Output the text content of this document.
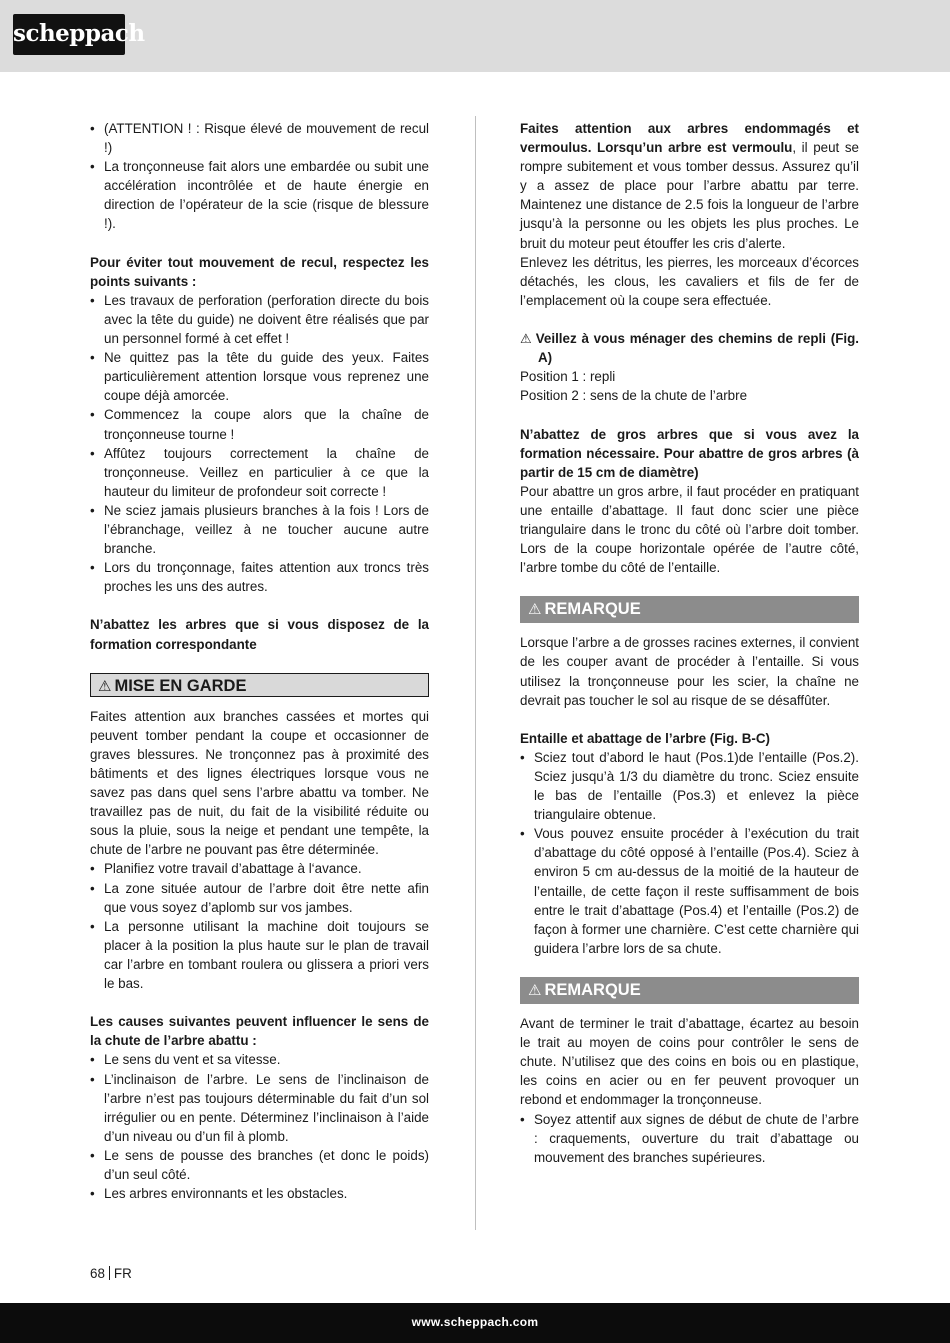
scheppach
• (ATTENTION ! : Risque élevé de mouvement de recul !)
• La tronçonneuse fait alors une embardée ou subit une accélération incontrôlée et de haute énergie en direction de l’opérateur de la scie (risque de blessure !).

Pour éviter tout mouvement de recul, respectez les points suivants :

• Les travaux de perforation (perforation directe du bois avec la tête du guide) ne doivent être réalisés que par un personnel formé à cet effet !
• Ne quittez pas la tête du guide des yeux. Faites particulièrement attention lorsque vous reprenez une coupe déjà amorcée.
• Commencez la coupe alors que la chaîne de tronçonneuse tourne !
• Affûtez toujours correctement la chaîne de tronçonneuse. Veillez en particulier à ce que la hauteur du limiteur de profondeur soit correcte !
• Ne sciez jamais plusieurs branches à la fois ! Lors de l’ébranchage, veillez à ne toucher aucune autre branche.
• Lors du tronçonnage, faites attention aux troncs très proches les uns des autres.

N’abattez les arbres que si vous disposez de la formation correspondante

⚠ MISE EN GARDE

Faites attention aux branches cassées et mortes qui peuvent tomber pendant la coupe et occasionner de graves blessures. Ne tronçonnez pas à proximité des bâtiments et des lignes électriques lorsque vous ne savez pas dans quel sens l’arbre abattu va tomber. Ne travaillez pas de nuit, du fait de la visibilité réduite ou sous la pluie, sous la neige et pendant une tempête, la chute de l’arbre ne pouvant pas être déterminée.

• Planifiez votre travail d’abattage à l‘avance.
• La zone située autour de l’arbre doit être nette afin que vous soyez d’aplomb sur vos jambes.
• La personne utilisant la machine doit toujours se placer à la position la plus haute sur le plan de travail car l’arbre en tombant roulera ou glissera a priori vers le bas.

Les causes suivantes peuvent influencer le sens de la chute de l’arbre abattu :

• Le sens du vent et sa vitesse.
• L’inclinaison de l’arbre. Le sens de l’inclinaison de l’arbre n’est pas toujours déterminable du fait d’un sol irrégulier ou en pente. Déterminez l’inclinaison à l’aide d’un niveau ou d’un fil à plomb.
• Le sens de pousse des branches (et donc le poids) d’un seul côté.
• Les arbres environnants et les obstacles.

Faites attention aux arbres endommagés et vermoulus. Lorsqu’un arbre est vermoulu, il peut se rompre subitement et vous tomber dessus. Assurez qu’il y a assez de place pour l’arbre abattu par terre. Maintenez une distance de 2.5 fois la longueur de l’arbre jusqu’à la personne ou les objets les plus proches. Le bruit du moteur peut étouffer les cris d’alerte.

Enlevez les détritus, les pierres, les morceaux d’écorces détachés, les clous, les cavaliers et fils de fer de l’emplacement où la coupe sera effectuée.

⚠ Veillez à vous ménager des chemins de repli (Fig. A)

Position 1 : repli

Position 2 : sens de la chute de l’arbre

N’abattez de gros arbres que si vous avez la formation nécessaire. Pour abattre de gros arbres (à partir de 15 cm de diamètre)

Pour abattre un gros arbre, il faut procéder en pratiquant une entaille d’abattage. Il faut donc scier une pièce triangulaire dans le tronc du côté où l’arbre doit tomber. Lors de la coupe horizontale opérée de l’autre côté, l’arbre tombe du côté de l’entaille.

⚠ REMARQUE

Lorsque l’arbre a de grosses racines externes, il convient de les couper avant de procéder à l’entaille. Si vous utilisez la tronçonneuse pour les scier, la chaîne ne devrait pas toucher le sol au risque de se désaffûter.

Entaille et abattage de l’arbre (Fig. B-C)

• Sciez tout d’abord le haut (Pos.1)de l’entaille (Pos.2). Sciez jusqu’à 1/3 du diamètre du tronc. Sciez ensuite le bas de l’entaille (Pos.3) et enlevez la pièce triangulaire obtenue.
• Vous pouvez ensuite procéder à l’exécution du trait d’abattage du côté opposé à l’entaille (Pos.4). Sciez à environ 5 cm au-dessus de la moitié de la hauteur de l’entaille, de cette façon il reste suffisamment de bois entre le trait d’abattage (Pos.4) et l’entaille (Pos.2) de façon à former une charnière. C’est cette charnière qui guidera l’arbre lors de sa chute.
⚠ REMARQUE

Avant de terminer le trait d’abattage, écartez au besoin le trait au moyen de coins pour contrôler le sens de chute. N’utilisez que des coins en bois ou en plastique, les coins en acier ou en fer peuvent provoquer un rebond et endommager la tronçonneuse.

• Soyez attentif aux signes de début de chute de l’arbre : craquements, ouverture du trait d’abattage ou mouvement des branches supérieures.
68 FR
www.scheppach.com
